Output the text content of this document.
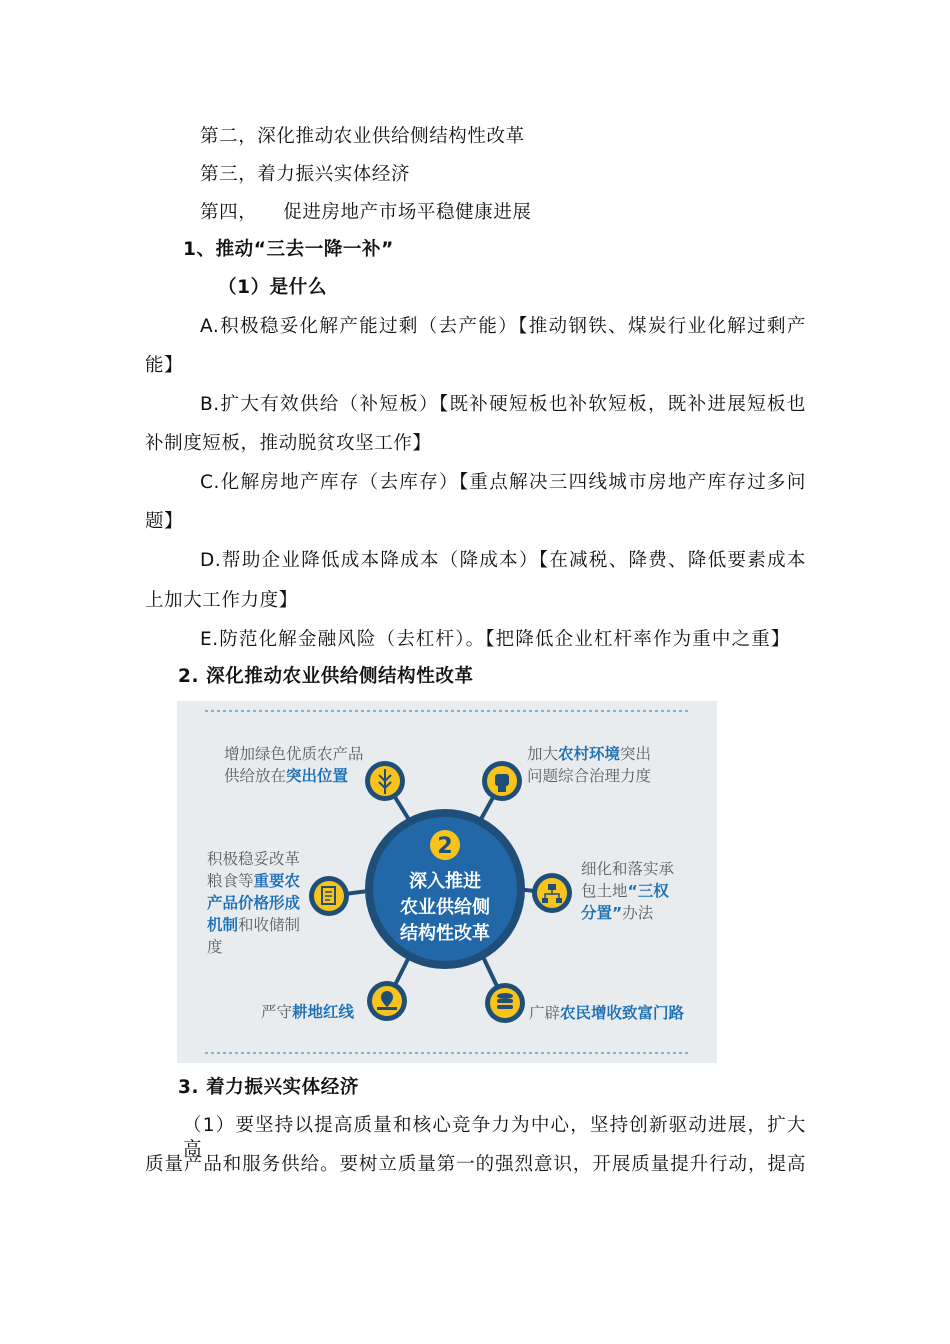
第二，深化推动农业供给侧结构性改革
第三，着力振兴实体经济
第四，    促进房地产市场平稳健康进展
1、推动“三去一降一补”
（1）是什么
A.积极稳妥化解产能过剩（去产能）【推动钢铁、煤炭行业化解过剩产
能】
B.扩大有效供给（补短板）【既补硬短板也补软短板，既补进展短板也
补制度短板，推动脱贫攻坚工作】
C.化解房地产库存（去库存）【重点解决三四线城市房地产库存过多问
题】
D.帮助企业降低成本降成本（降成本）【在减税、降费、降低要素成本
上加大工作力度】
E.防范化解金融风险（去杠杆）。【把降低企业杠杆率作为重中之重】
2. 深化推动农业供给侧结构性改革
2
深入推进
农业供给侧
结构性改革
增加绿色优质农产品
供给放在突出位置
加大农村环境突出
问题综合治理力度
积极稳妥改革
粮食等重要农
产品价格形成
机制和收储制
度
细化和落实承
包土地“三权
分置”办法
严守耕地红线	广辟农民增收致富门路
3. 着力振兴实体经济
（1）要坚持以提高质量和核心竞争力为中心，坚持创新驱动进展，扩大高
质量产品和服务供给。要树立质量第一的强烈意识，开展质量提升行动，提高
